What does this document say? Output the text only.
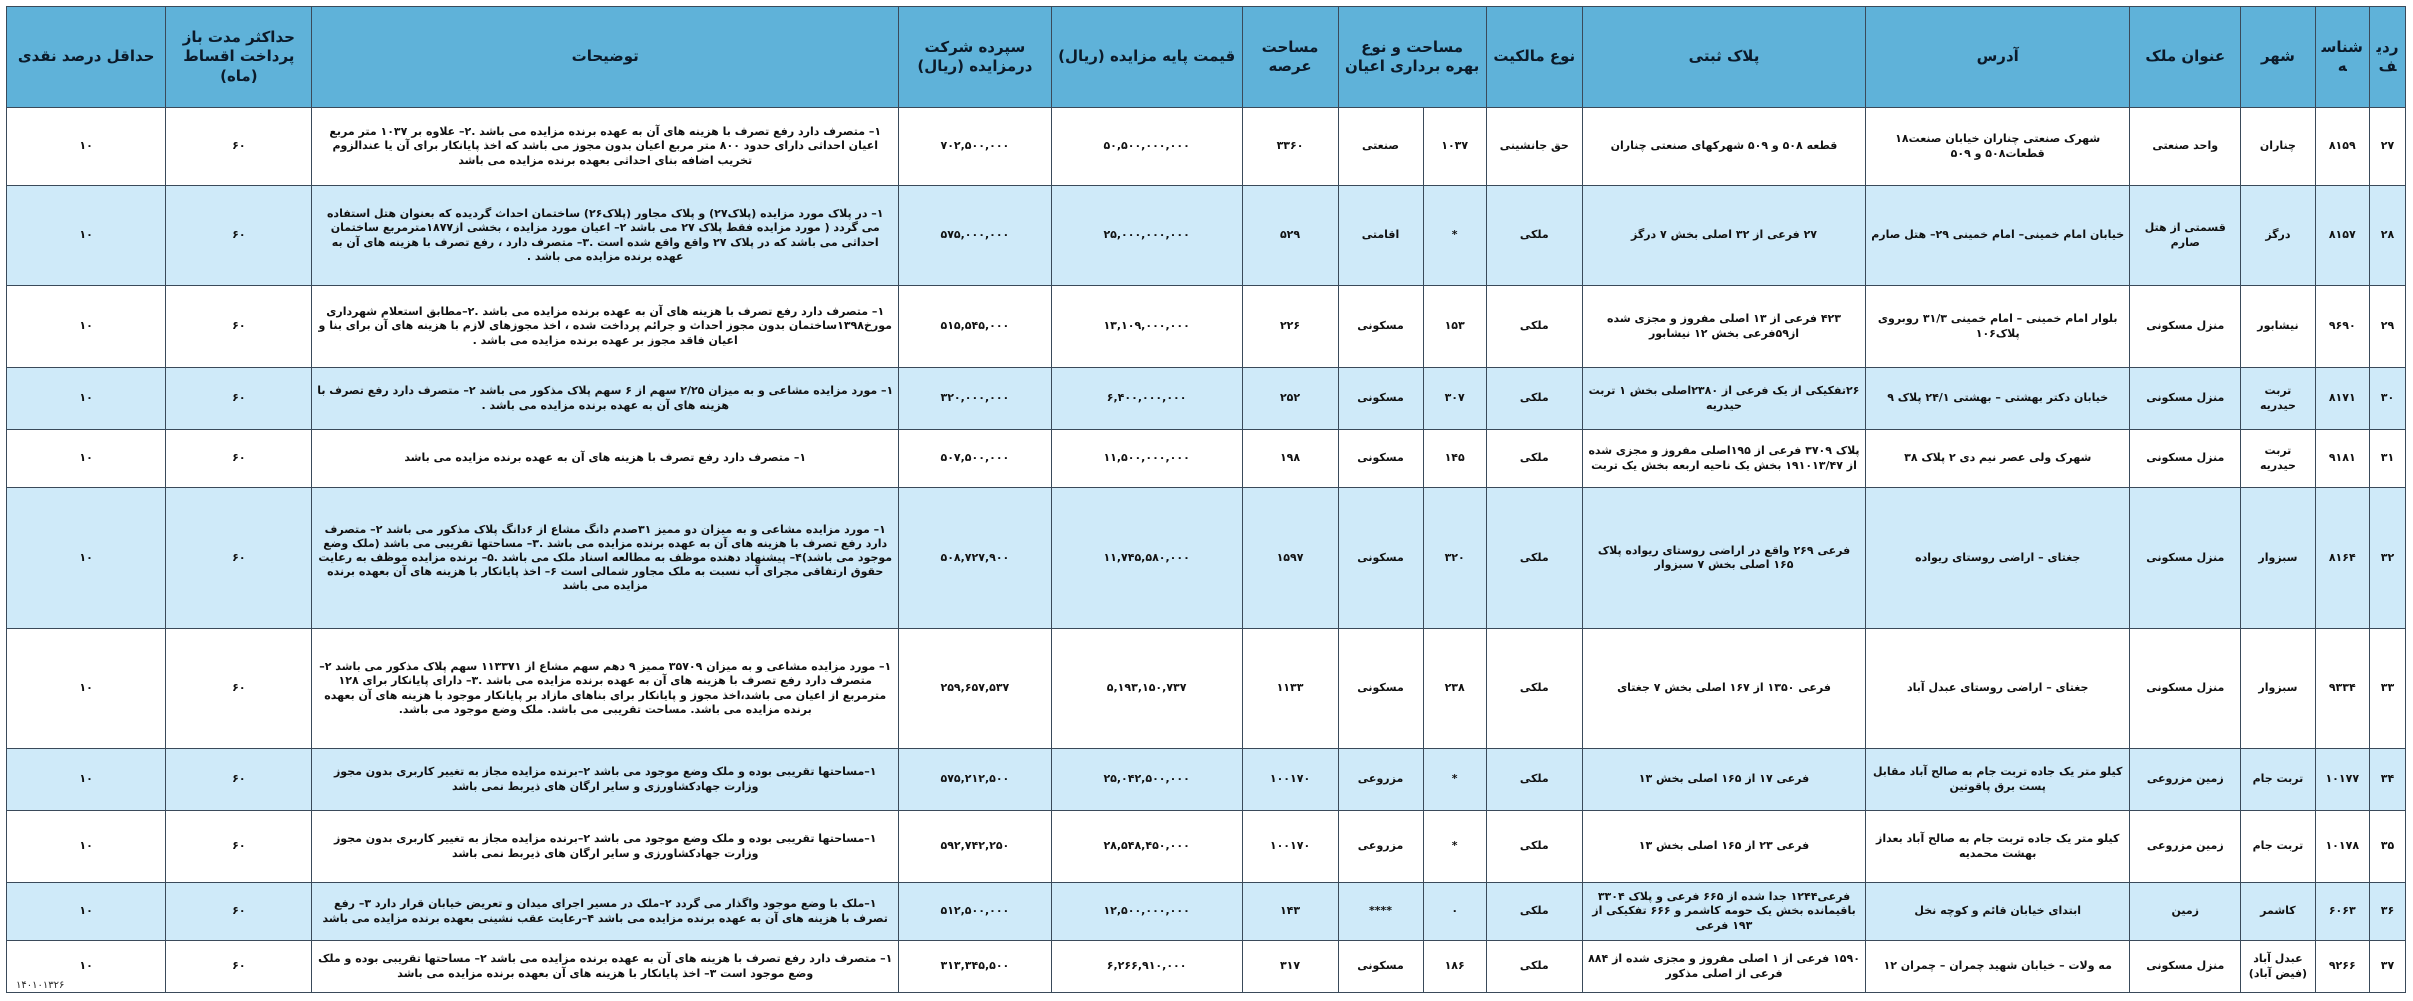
ردیف	شناسه	شهر	عنوان ملک	آدرس	پلاک ثبتی	نوع مالکیت	مساحت و نوع بهره برداری اعیان		مساحت عرصه	قیمت پایه مزایده (ریال)	سپرده شرکت درمزایده (ریال)	توضیحات	حداکثر مدت باز پرداخت اقساط (ماه)	حداقل درصد نقدی
۲۷	۸۱۵۹	چناران	واحد صنعتی	شهرک صنعتی چناران خیابان صنعت۱۸ قطعات۵۰۸ و ۵۰۹	قطعه ۵۰۸ و ۵۰۹ شهرکهای صنعتی چناران	حق جانشینی	۱۰۳۷	صنعتی	۳۳۶۰	۵۰,۵۰۰,۰۰۰,۰۰۰	۷۰۲,۵۰۰,۰۰۰	۱– متصرف دارد رفع تصرف با هزینه های آن به عهده برنده مزایده می باشد .۲– علاوه بر ۱۰۳۷ متر مربع اعیان احداثی دارای حدود ۸۰۰ متر مربع اعیان بدون مجوز می باشد که اخذ پایانکار برای آن یا عندالزوم تخریب اضافه بنای احداثی بعهده برنده مزایده می باشد	۶۰	۱۰
۲۸	۸۱۵۷	درگز	قسمتی از هتل صارم	خیابان امام خمینی– امام خمینی ۲۹– هتل صارم	۲۷ فرعی از ۳۲ اصلی بخش ۷ درگز	ملکی	*	اقامتی	۵۲۹	۲۵,۰۰۰,۰۰۰,۰۰۰	۵۷۵,۰۰۰,۰۰۰	۱– در پلاک مورد مزایده (پلاک۲۷) و پلاک مجاور (پلاک۲۶) ساختمان احداث گردیده که بعنوان هتل استفاده می گردد ( مورد مزایده فقط پلاک ۲۷ می باشد ۲– اعیان مورد مزایده ، بخشی از۱۸۷۷مترمربع ساختمان احداثی می باشد که در پلاک ۲۷ واقع واقع شده است .۳– متصرف دارد ، رفع تصرف با هزینه های آن به عهده برنده مزایده می باشد .	۶۰	۱۰
۲۹	۹۶۹۰	نیشابور	منزل مسکونی	بلوار امام خمینی – امام خمینی ۳۱/۳ روبروی پلاک۱۰۶	۴۲۳ فرعی از ۱۳ اصلی مفروز و مجزی شده از۵۹فرعی بخش ۱۲ نیشابور	ملکی	۱۵۳	مسکونی	۲۲۶	۱۳,۱۰۹,۰۰۰,۰۰۰	۵۱۵,۵۴۵,۰۰۰	۱– متصرف دارد رفع تصرف با هزینه های آن به عهده برنده مزایده می باشد .۲–مطابق استعلام شهرداری مورخ۱۳۹۸ساختمان بدون مجوز احداث و جرائم پرداخت شده ، اخذ مجوزهای لازم با هزینه های آن برای بنا و اعیان فاقد مجوز بر عهده برنده مزایده می باشد .	۶۰	۱۰
۳۰	۸۱۷۱	تربت حیدریه	منزل مسکونی	خیابان دکتر بهشتی – بهشتی ۲۴/۱ پلاک ۹	۲۶تفکیکی از یک فرعی از ۲۳۸۰اصلی بخش ۱ تربت حیدریه	ملکی	۳۰۷	مسکونی	۲۵۲	۶,۴۰۰,۰۰۰,۰۰۰	۳۲۰,۰۰۰,۰۰۰	۱– مورد مزایده مشاعی و به میزان ۲/۲۵ سهم از ۶ سهم پلاک مذکور می باشد ۲– متصرف دارد رفع تصرف با هزینه های آن به عهده برنده مزایده می باشد .	۶۰	۱۰
۳۱	۹۱۸۱	تربت حیدریه	منزل مسکونی	شهرک ولی عصر نیم دی ۲ پلاک ۳۸	پلاک ۳۷۰۹ فرعی از ۱۹۵اصلی مفروز و مجزی شده از ۱۹۱۰۱۳/۴۷ بخش یک ناحیه اربعه بخش یک تربت	ملکی	۱۴۵	مسکونی	۱۹۸	۱۱,۵۰۰,۰۰۰,۰۰۰	۵۰۷,۵۰۰,۰۰۰	۱– متصرف دارد رفع تصرف با هزینه های آن به عهده برنده مزایده می باشد	۶۰	۱۰
۳۲	۸۱۶۴	سبزوار	منزل مسکونی	جغتای – اراضی روستای ریواده	فرعی ۲۶۹ واقع در اراضی روستای ریواده پلاک ۱۶۵ اصلی بخش ۷ سبزوار	ملکی	۳۲۰	مسکونی	۱۵۹۷	۱۱,۷۴۵,۵۸۰,۰۰۰	۵۰۸,۷۲۷,۹۰۰	۱– مورد مزایده مشاعی و به میزان دو ممیز ۳۱صدم دانگ مشاع از ۶دانگ پلاک مذکور می باشد ۲– متصرف دارد رفع تصرف با هزینه های آن به عهده برنده مزایده می باشد .۳– مساحتها تقریبی می باشد (ملک وضع موجود می باشد)۴– پیشنهاد دهنده موظف به مطالعه اسناد ملک می باشد .۵– برنده مزایده موظف به رعایت حقوق ارتفاقی مجرای آب نسبت به ملک مجاور شمالی است ۶– اخذ پایانکار با هزینه های آن بعهده برنده مزایده می باشد	۶۰	۱۰
۳۳	۹۳۳۴	سبزوار	منزل مسکونی	جغتای – اراضی روستای عبدل آباد	فرعی ۱۳۵۰ از ۱۶۷ اصلی بخش ۷ جغتای	ملکی	۲۳۸	مسکونی	۱۱۳۳	۵,۱۹۳,۱۵۰,۷۳۷	۲۵۹,۶۵۷,۵۳۷	۱– مورد مزایده مشاعی و به میزان ۳۵۷۰۹ ممیز ۹ دهم سهم مشاع از ۱۱۳۳۷۱ سهم پلاک مذکور می باشد ۲– متصرف دارد رفع تصرف با هزینه های آن به عهده برنده مزایده می باشد .۳– دارای پایانکار برای ۱۲۸ مترمربع از اعیان می باشد،اخذ مجوز و پایانکار برای بناهای مازاد بر پایانکار موجود با هزینه های آن بعهده برنده مزایده می باشد. مساحت تقریبی می باشد. ملک وضع موجود می باشد.	۶۰	۱۰
۳۴	۱۰۱۷۷	تربت جام	زمین مزروعی	کیلو متر یک جاده تربت جام به صالح آباد مقابل پست برق پاقوتین	فرعی ۱۷ از ۱۶۵ اصلی بخش ۱۳	ملکی	*	مزروعی	۱۰۰۱۷۰	۲۵,۰۴۲,۵۰۰,۰۰۰	۵۷۵,۲۱۲,۵۰۰	۱–مساحتها تقریبی بوده و ملک وضع موجود می باشد ۲–برنده مزایده مجاز به تغییر کاربری بدون مجوز وزارت جهادکشاورزی و سایر ارگان های ذیربط نمی باشد	۶۰	۱۰
۳۵	۱۰۱۷۸	تربت جام	زمین مزروعی	کیلو متر یک جاده تربت جام به صالح آباد بعداز بهشت محمدیه	فرعی ۲۳ از ۱۶۵ اصلی بخش ۱۳	ملکی	*	مزروعی	۱۰۰۱۷۰	۲۸,۵۴۸,۴۵۰,۰۰۰	۵۹۲,۷۴۲,۲۵۰	۱–مساحتها تقریبی بوده و ملک وضع موجود می باشد ۲–برنده مزایده مجاز به تغییر کاربری بدون مجوز وزارت جهادکشاورزی و سایر ارگان های ذیربط نمی باشد	۶۰	۱۰
۳۶	۶۰۶۳	کاشمر	زمین	ابتدای خیابان قائم و کوچه نخل	فرعی۱۲۴۴ جدا شده از ۶۶۵ فرعی و پلاک ۳۳۰۴ باقیمانده بخش یک حومه کاشمر و ۶۶۶ تفکیکی از ۱۹۳ فرعی	ملکی	۰	****	۱۴۳	۱۲,۵۰۰,۰۰۰,۰۰۰	۵۱۲,۵۰۰,۰۰۰	۱–ملک با وضع موجود واگذار می گردد ۲–ملک در مسیر اجرای میدان و تعریض خیابان قرار دارد ۳– رفع تصرف با هزینه های آن به عهده برنده مزایده می باشد ۴–رعایت عقب نشینی بعهده برنده مزایده می باشد	۶۰	۱۰
۳۷	۹۲۶۶	عبدل آباد (فیض آباد)	منزل مسکونی	مه ولات – خیابان شهید چمران – چمران ۱۲	۱۵۹۰ فرعی از ۱ اصلی مفروز و مجزی شده از ۸۸۴ فرعی از اصلی مذکور	ملکی	۱۸۶	مسکونی	۳۱۷	۶,۲۶۶,۹۱۰,۰۰۰	۳۱۳,۳۴۵,۵۰۰	۱– متصرف دارد رفع تصرف با هزینه های آن به عهده برنده مزایده می باشد ۲– مساحتها تقریبی بوده و ملک وضع موجود است ۳– اخذ پایانکار با هزینه های آن بعهده برنده مزایده می باشد	۶۰	۱۰
۱۴۰۱۰۱۳۲۶
